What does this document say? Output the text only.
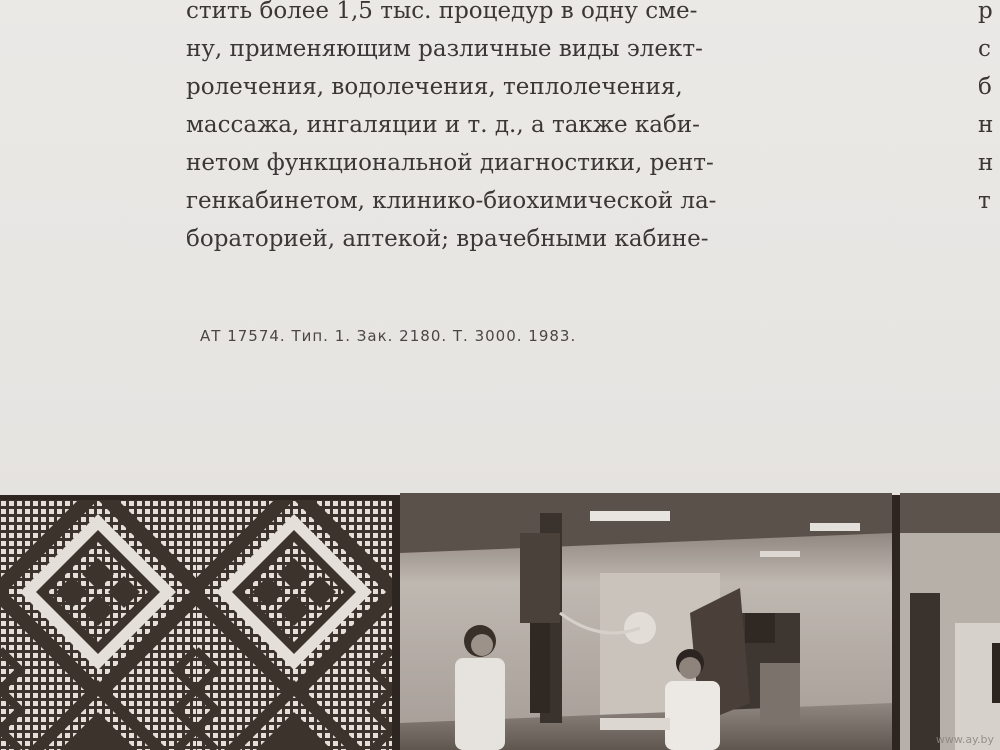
стить более 1,5 тыс. процедур в одну сме-
ну, применяющим различные виды элект-
ролечения, водолечения, теплолечения,
массажа, ингаляции и т. д., а также каби-
нетом функциональной диагностики, рент-
генкабинетом, клинико-биохимической ла-
бораторией, аптекой; врачебными кабине-
р
с
б
н
н
т
АТ 17574. Тип. 1. Зак. 2180. Т. 3000. 1983.
www.ay.by
